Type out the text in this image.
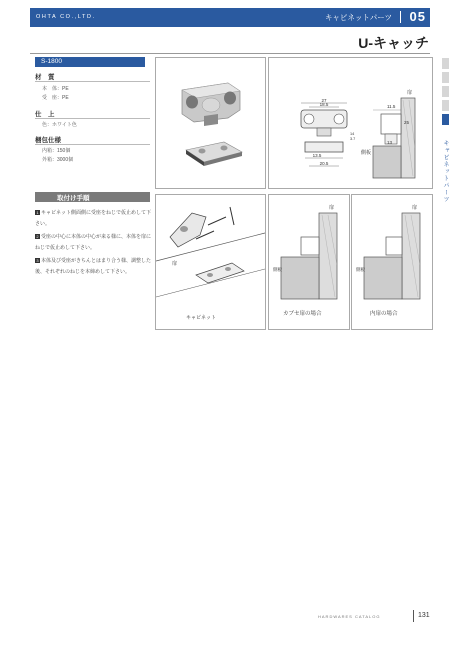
OHTA CO.,LTD.	キャビネットパーツ 05
U-キャッチ
キャビネットパーツ
S-1800
材　質
本　体：PE
受　座：PE
仕　上
色：ホワイト色
梱包仕様
内箱：150個
外箱：3000個
取付け手順
1 キャビネット側面側に受座をねじで仮止めして下さい。
2 受座の中心に本体の中心が来る様に、本体を扉にねじで仮止めして下さい。
3 本体及び受座がきちんとはまり合う様、調整した後、それぞれのねじを本締めして下さい。
27
18.5
14
3.7
13.5
20.5
11.5
25
13
扉
側板
扉
キャビネット
扉
側板
カブセ扉の場合
扉
側板
内扉の場合
HARDWARES CATALOG	131
